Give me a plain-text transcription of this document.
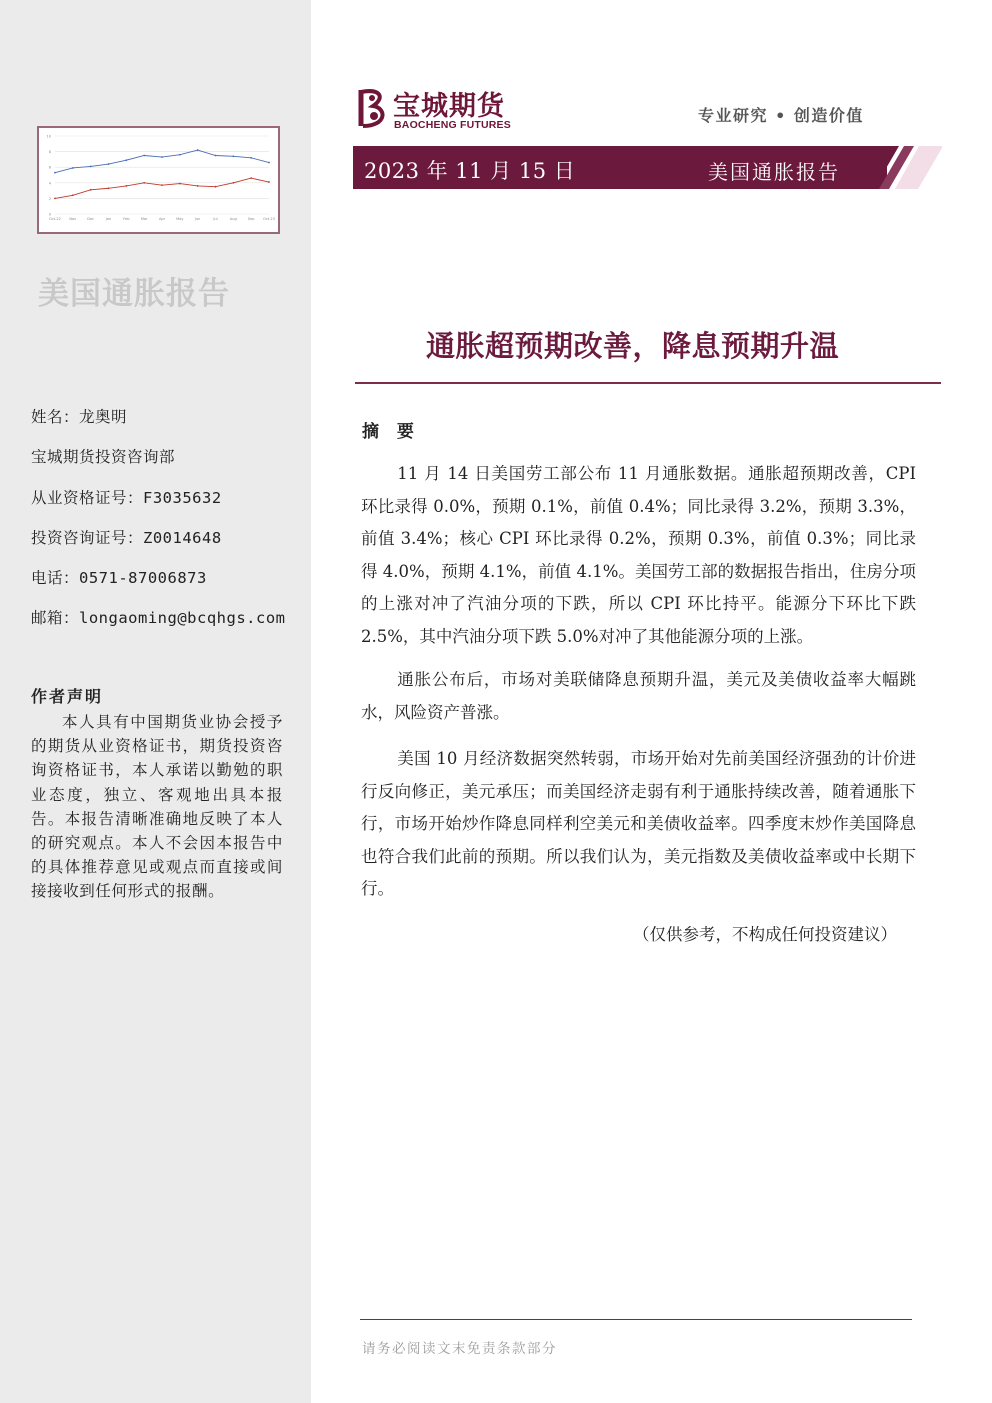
0
2
4
6
8
10
Oct-22 Nov	Dec	Jan	Feb	Mar	Apr	May	Jun	Jul	Aug	Sep Oct-23
美国通胀报告
姓名：龙奥明
宝城期货投资咨询部
从业资格证号：F3035632
投资咨询证号：Z0014648
电话：0571-87006873
邮箱：longaoming@bcqhgs.com
作者声明
本人具有中国期货业协会授予的期货从业资格证书，期货投资咨询资格证书，本人承诺以勤勉的职业态度，独立、客观地出具本报告。本报告清晰准确地反映了本人的研究观点。本人不会因本报告中的具体推荐意见或观点而直接或间接接收到任何形式的报酬。
宝城期货
BAOCHENG FUTURES	专业研究 • 创造价值
2023 年 11 月 15 日	美国通胀报告
通胀超预期改善，降息预期升温
摘 要

11 月 14 日美国劳工部公布 11 月通胀数据。通胀超预期改善，CPI 环比录得 0.0%，预期 0.1%，前值 0.4%；同比录得 3.2%，预期 3.3%，前值 3.4%；核心 CPI 环比录得 0.2%，预期 0.3%，前值 0.3%；同比录得 4.0%，预期 4.1%，前值 4.1%。美国劳工部的数据报告指出，住房分项的上涨对冲了汽油分项的下跌，所以 CPI 环比持平。能源分下环比下跌 2.5%，其中汽油分项下跌 5.0%对冲了其他能源分项的上涨。

通胀公布后，市场对美联储降息预期升温，美元及美债收益率大幅跳水，风险资产普涨。

美国 10 月经济数据突然转弱，市场开始对先前美国经济强劲的计价进行反向修正，美元承压；而美国经济走弱有利于通胀持续改善，随着通胀下行，市场开始炒作降息同样利空美元和美债收益率。四季度末炒作美国降息也符合我们此前的预期。所以我们认为，美元指数及美债收益率或中长期下行。

（仅供参考，不构成任何投资建议）
请务必阅读文末免责条款部分
